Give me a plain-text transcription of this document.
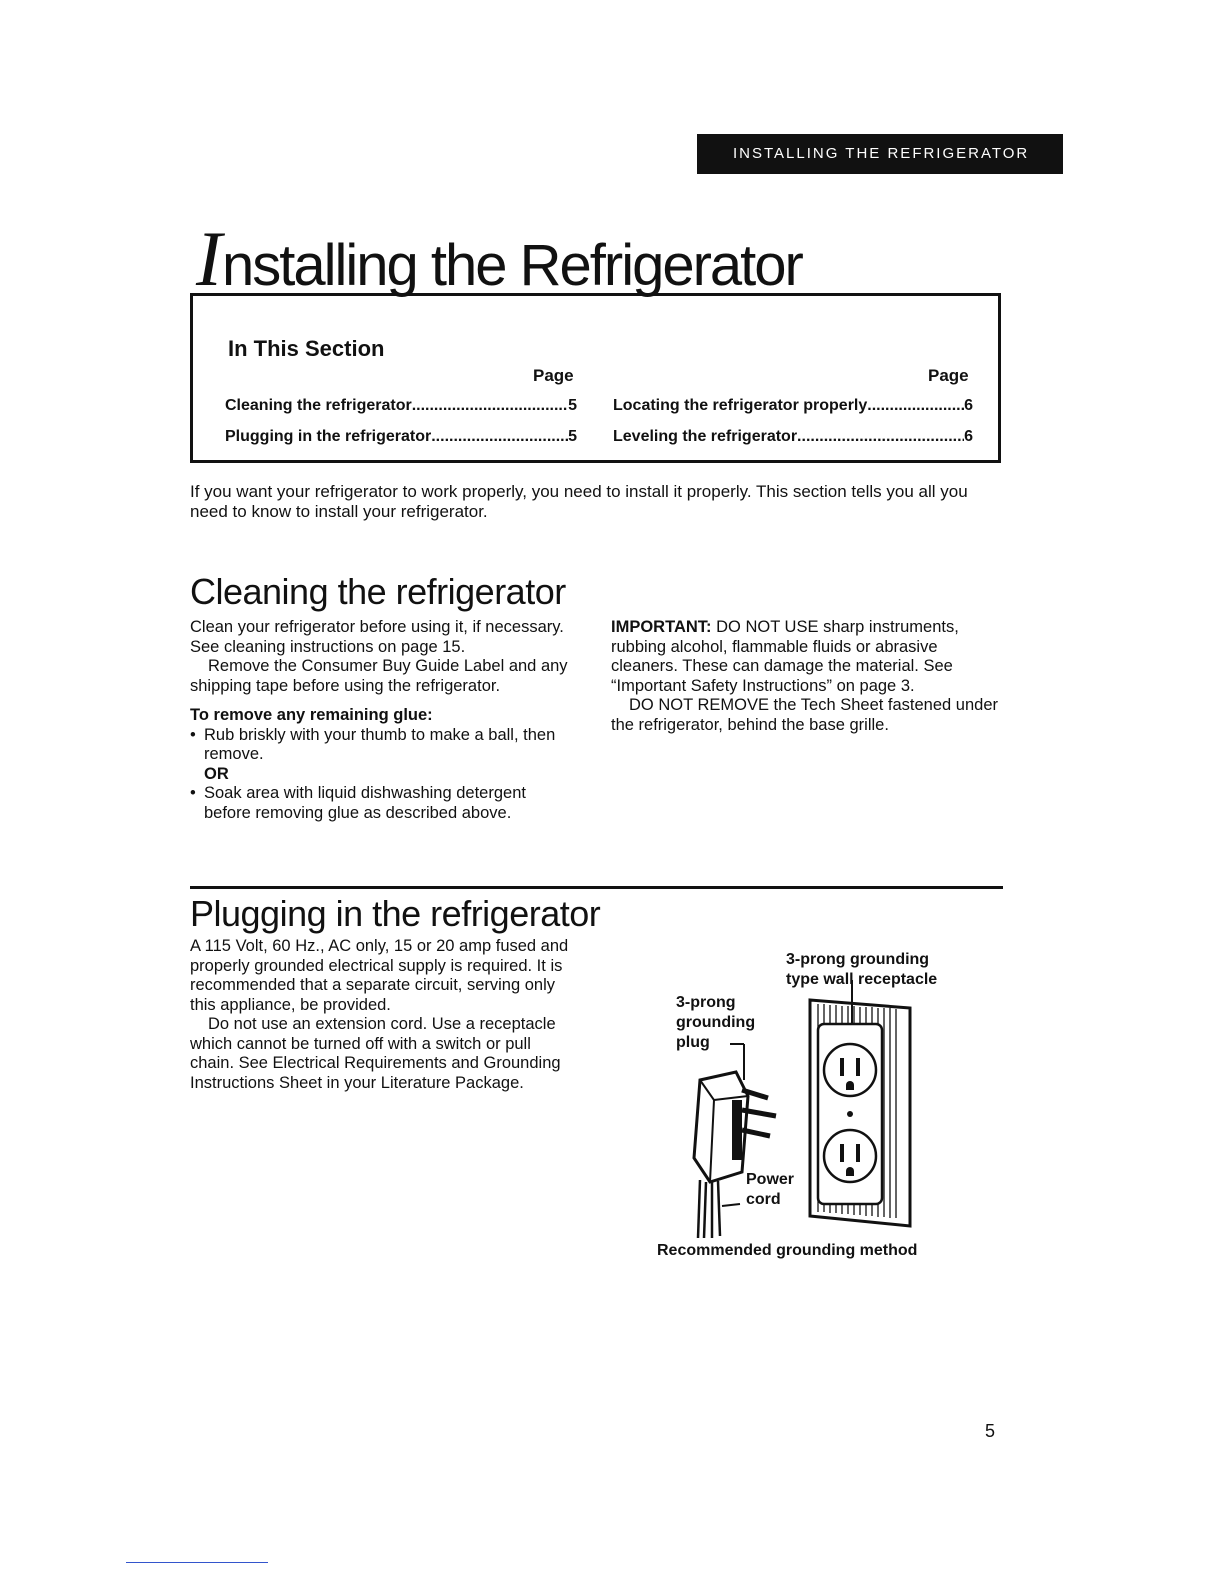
INSTALLING THE REFRIGERATOR
Installing the Refrigerator
In This Section
Page	Page
Cleaning the refrigerator .....	5
Plugging in the refrigerator .....	5
Locating the refrigerator properly .....	6
Leveling the refrigerator .....	6
If you want your refrigerator to work properly, you need to install it properly. This section tells you all you need to know to install your refrigerator.
Cleaning the refrigerator

Clean your refrigerator before using it, if necessary. See cleaning instructions on page 15.

Remove the Consumer Buy Guide Label and any shipping tape before using the refrigerator.

To remove any remaining glue:

• Rub briskly with your thumb to make a ball, then remove.

OR

• Soak area with liquid dishwashing detergent before removing glue as described above.

IMPORTANT: DO NOT USE sharp instruments, rubbing alcohol, flammable fluids or abrasive cleaners. These can damage the material. See “Important Safety Instructions” on page 3.

DO NOT REMOVE the Tech Sheet fastened under the refrigerator, behind the base grille.

Plugging in the refrigerator

A 115 Volt, 60 Hz., AC only, 15 or 20 amp fused and properly grounded electrical supply is required. It is recommended that a separate circuit, serving only this appliance, be provided.

Do not use an extension cord. Use a receptacle which cannot be turned off with a switch or pull chain. See Electrical Requirements and Grounding Instructions Sheet in your Literature Package.

3-prong grounding
type wall receptacle
3-prong
grounding
plug
Power
cord
Recommended grounding method
5
